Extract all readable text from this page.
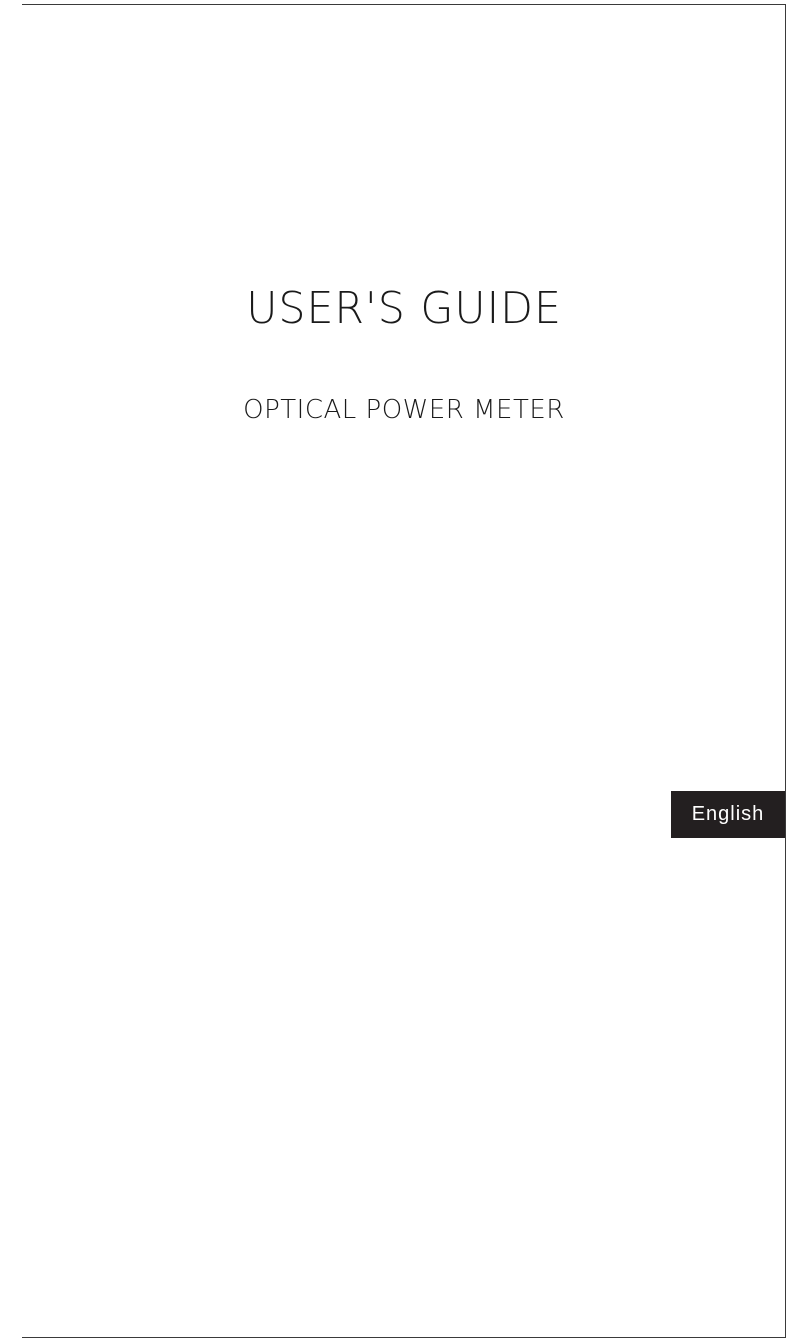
USER'S GUIDE
OPTICAL POWER METER
English
